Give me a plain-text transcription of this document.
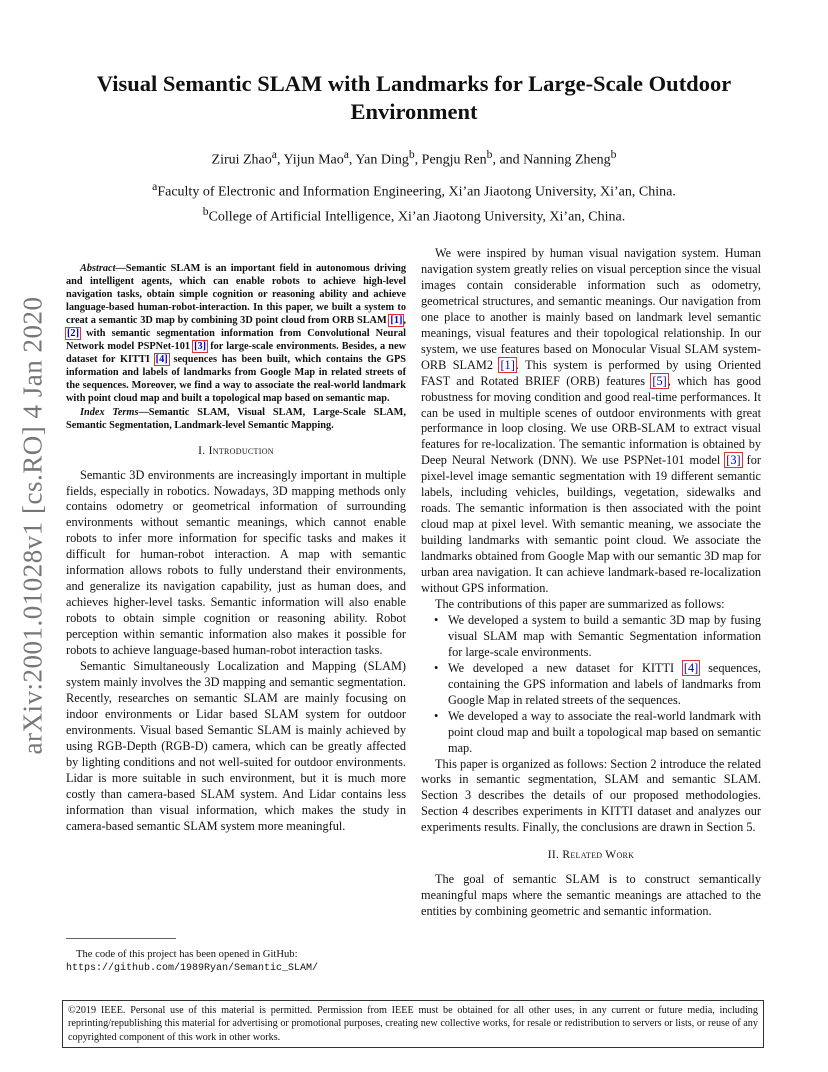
arXiv:2001.01028v1 [cs.RO] 4 Jan 2020
Visual Semantic SLAM with Landmarks for Large-Scale Outdoor Environment
Zirui Zhao$^a$, Yijun Mao$^a$, Yan Ding$^b$, Pengju Ren$^b$, and Nanning Zheng$^b$
$^a$Faculty of Electronic and Information Engineering, Xi’an Jiaotong University, Xi’an, China.
$^b$College of Artificial Intelligence, Xi’an Jiaotong University, Xi’an, China.

Abstract—Semantic SLAM is an important field in autonomous driving and intelligent agents, which can enable robots to achieve high-level navigation tasks, obtain simple cognition or reasoning ability and achieve language-based human-robot-interaction. In this paper, we built a system to creat a semantic 3D map by combining 3D point cloud from ORB SLAM [1], [2] with semantic segmentation information from Convolutional Neural Network model PSPNet-101 [3] for large-scale environments. Besides, a new dataset for KITTI [4] sequences has been built, which contains the GPS information and labels of landmarks from Google Map in related streets of the sequences. Moreover, we find a way to associate the real-world landmark with point cloud map and built a topological map based on semantic map.

Index Terms—Semantic SLAM, Visual SLAM, Large-Scale SLAM, Semantic Segmentation, Landmark-level Semantic Mapping.

I. Introduction

Semantic 3D environments are increasingly important in multiple fields, especially in robotics. Nowadays, 3D mapping methods only contains odometry or geometrical information of surrounding environments without semantic meanings, which cannot enable robots to infer more information for specific tasks and makes it difficult for human-robot interaction. A map with semantic information allows robots to fully understand their environments, and generalize its navigation capability, just as human does, and achieves higher-level tasks. Semantic information will also enable robots to obtain simple cognition or reasoning ability. Robot perception within semantic information also makes it possible for robots to achieve language-based human-robot interaction tasks.

Semantic Simultaneously Localization and Mapping (SLAM) system mainly involves the 3D mapping and semantic segmentation. Recently, researches on semantic SLAM are mainly focusing on indoor environments or Lidar based SLAM system for outdoor environments. Visual based Semantic SLAM is mainly achieved by using RGB-Depth (RGB-D) camera, which can be greatly affected by lighting conditions and not well-suited for outdoor environments. Lidar is more suitable in such environment, but it is much more costly than camera-based SLAM system. And Lidar contains less information than visual information, which makes the study in camera-based semantic SLAM system more meaningful.

The code of this project has been opened in GitHub:
https://github.com/1989Ryan/Semantic_SLAM/

We were inspired by human visual navigation system. Human navigation system greatly relies on visual perception since the visual images contain considerable information such as odometry, geometrical structures, and semantic meanings. Our navigation from one place to another is mainly based on landmark level semantic meanings, visual features and their topological relationship. In our system, we use features based on Monocular Visual SLAM system-ORB SLAM2 [1]. This system is performed by using Oriented FAST and Rotated BRIEF (ORB) features [5], which has good robustness for moving condition and good real-time performances. It can be used in multiple scenes of outdoor environments with great performance in loop closing. We use ORB-SLAM to extract visual features for re-localization. The semantic information is obtained by Deep Neural Network (DNN). We use PSPNet-101 model [3] for pixel-level image semantic segmentation with 19 different semantic labels, including vehicles, buildings, vegetation, sidewalks and roads. The semantic information is then associated with the point cloud map at pixel level. With semantic meaning, we associate the building landmarks with semantic point cloud. We associate the landmarks obtained from Google Map with our semantic 3D map for urban area navigation. It can achieve landmark-based re-localization without GPS information.

The contributions of this paper are summarized as follows:

• We developed a system to build a semantic 3D map by fusing visual SLAM map with Semantic Segmentation information for large-scale environments.
• We developed a new dataset for KITTI [4] sequences, containing the GPS information and labels of landmarks from Google Map in related streets of the sequences.
• We developed a way to associate the real-world landmark with point cloud map and built a topological map based on semantic map.

This paper is organized as follows: Section 2 introduce the related works in semantic segmentation, SLAM and semantic SLAM. Section 3 describes the details of our proposed methodologies. Section 4 describes experiments in KITTI dataset and analyzes our experiments results. Finally, the conclusions are drawn in Section 5.

II. Related Work

The goal of semantic SLAM is to construct semantically meaningful maps where the semantic meanings are attached to the entities by combining geometric and semantic information.

©2019 IEEE. Personal use of this material is permitted. Permission from IEEE must be obtained for all other uses, in any current or future media, including reprinting/republishing this material for advertising or promotional purposes, creating new collective works, for resale or redistribution to servers or lists, or reuse of any copyrighted component of this work in other works.
